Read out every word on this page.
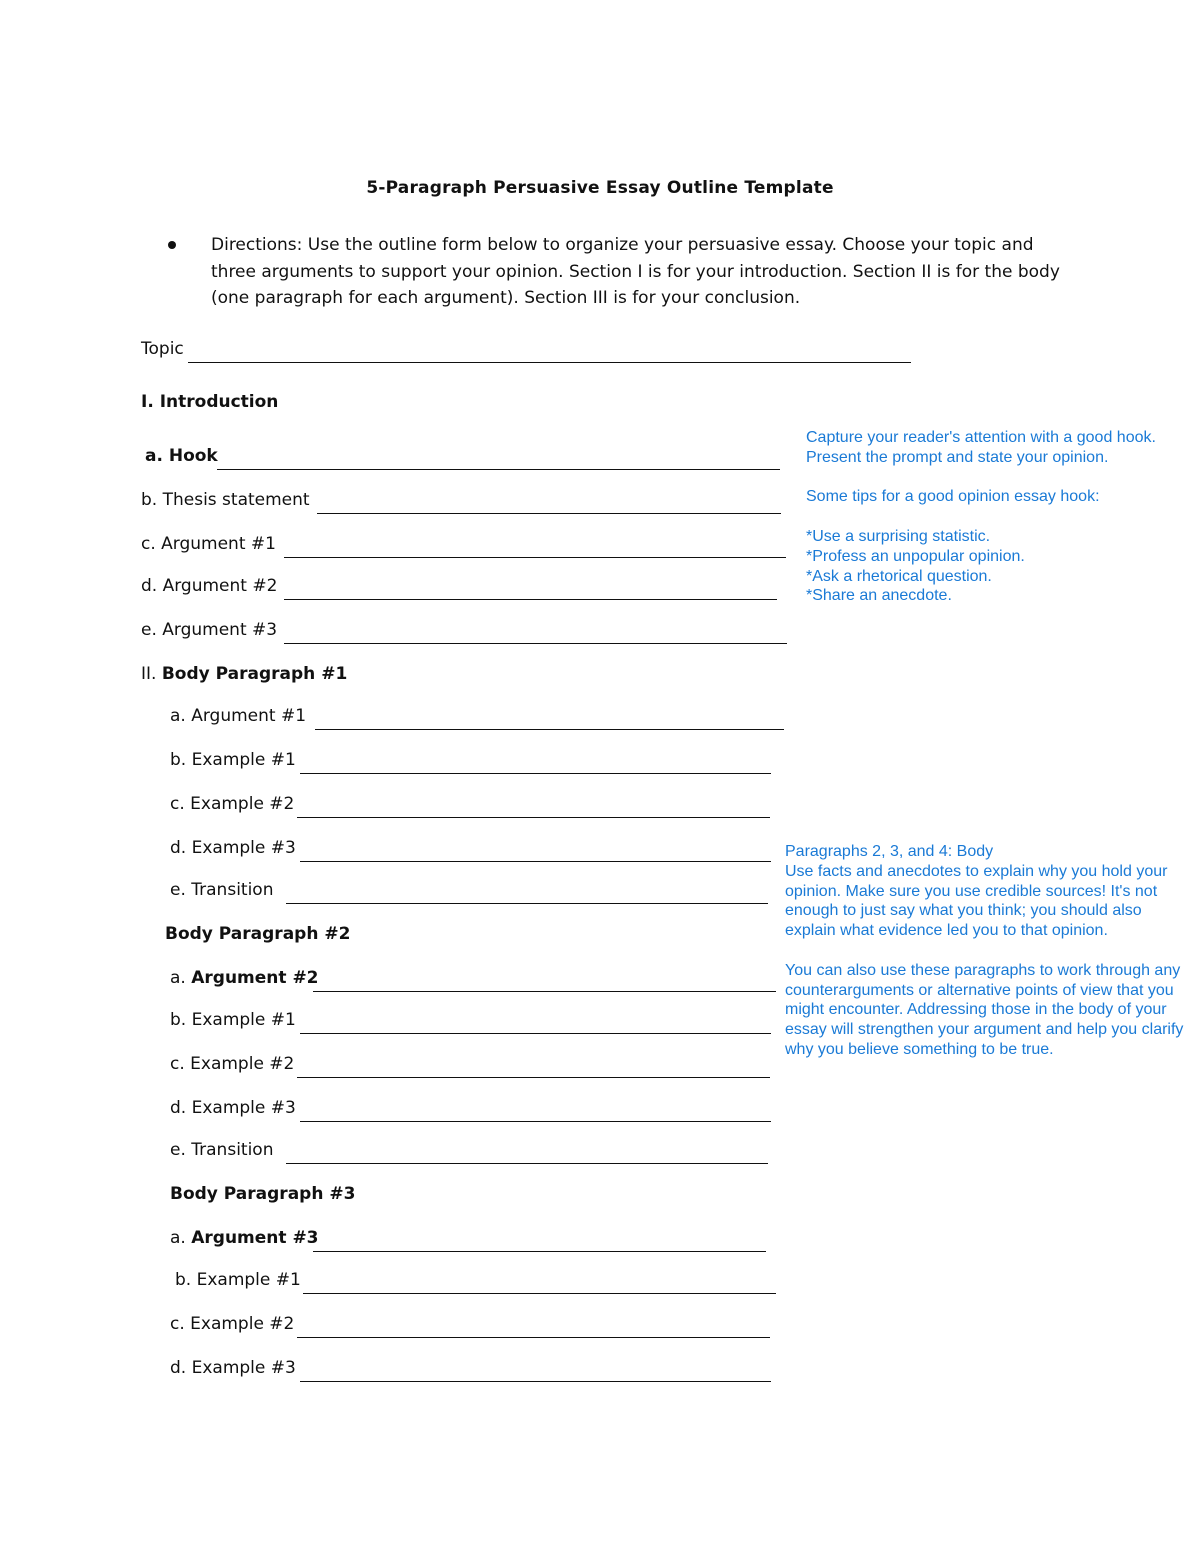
5-Paragraph Persuasive Essay Outline Template
Directions: Use the outline form below to organize your persuasive essay. Choose your topic and three arguments to support your opinion. Section I is for your introduction. Section II is for the body (one paragraph for each argument). Section III is for your conclusion.
Topic
I. Introduction
a. Hook
b. Thesis statement
c. Argument #1
d. Argument #2
e. Argument #3
II. Body Paragraph #1
a. Argument #1
b. Example #1
c. Example #2
d. Example #3
e. Transition
Body Paragraph #2
a. Argument #2
b. Example #1
c. Example #2
d. Example #3
e. Transition
Body Paragraph #3
a. Argument #3
b. Example #1
c. Example #2
d. Example #3

Capture your reader's attention with a good hook. Present the prompt and state your opinion.

Some tips for a good opinion essay hook:

*Use a surprising statistic.

*Profess an unpopular opinion.

*Ask a rhetorical question.

*Share an anecdote.

Paragraphs 2, 3, and 4: Body

Use facts and anecdotes to explain why you hold your opinion. Make sure you use credible sources! It's not enough to just say what you think; you should also explain what evidence led you to that opinion.

You can also use these paragraphs to work through any counterarguments or alternative points of view that you might encounter. Addressing those in the body of your essay will strengthen your argument and help you clarify why you believe something to be true.
